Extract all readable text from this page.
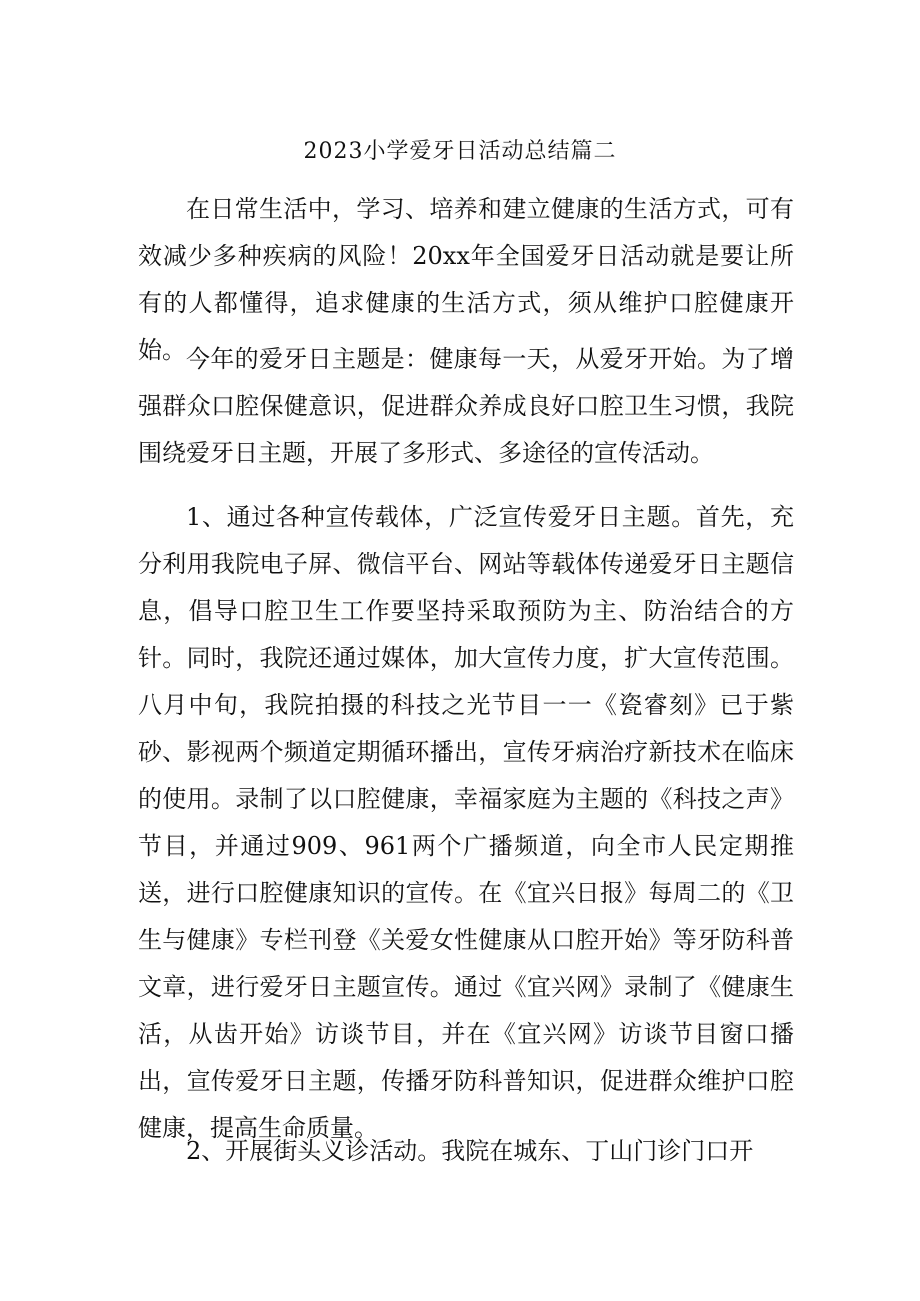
2023小学爱牙日活动总结篇二

在日常生活中，学习、培养和建立健康的生活方式，可有效减少多种疾病的风险！20xx年全国爱牙日活动就是要让所有的人都懂得，追求健康的生活方式，须从维护口腔健康开始。 今年的爱牙日主题是：健康每一天，从爱牙开始。为了增强群众口腔保健意识，促进群众养成良好口腔卫生习惯，我院围绕爱牙日主题，开展了多形式、多途径的宣传活动。

1、通过各种宣传载体，广泛宣传爱牙日主题。首先，充分利用我院电子屏、微信平台、网站等载体传递爱牙日主题信息，倡导口腔卫生工作要坚持采取预防为主、防治结合的方针。同时，我院还通过媒体，加大宣传力度，扩大宣传范围。八月中旬，我院拍摄的科技之光节目一一《瓷睿刻》已于紫砂、影视两个频道定期循环播出，宣传牙病治疗新技术在临床的使用。录制了以口腔健康，幸福家庭为主题的《科技之声》节目，并通过909、961两个广播频道，向全市人民定期推送，进行口腔健康知识的宣传。在《宜兴日报》每周二的《卫生与健康》专栏刊登《关爱女性健康从口腔开始》等牙防科普文章，进行爱牙日主题宣传。通过《宜兴网》录制了《健康生活，从齿开始》访谈节目，并在《宜兴网》访谈节目窗口播出，宣传爱牙日主题，传播牙防科普知识，促进群众维护口腔健康，提高生命质量。

2、开展街头义诊活动。我院在城东、丁山门诊门口开
